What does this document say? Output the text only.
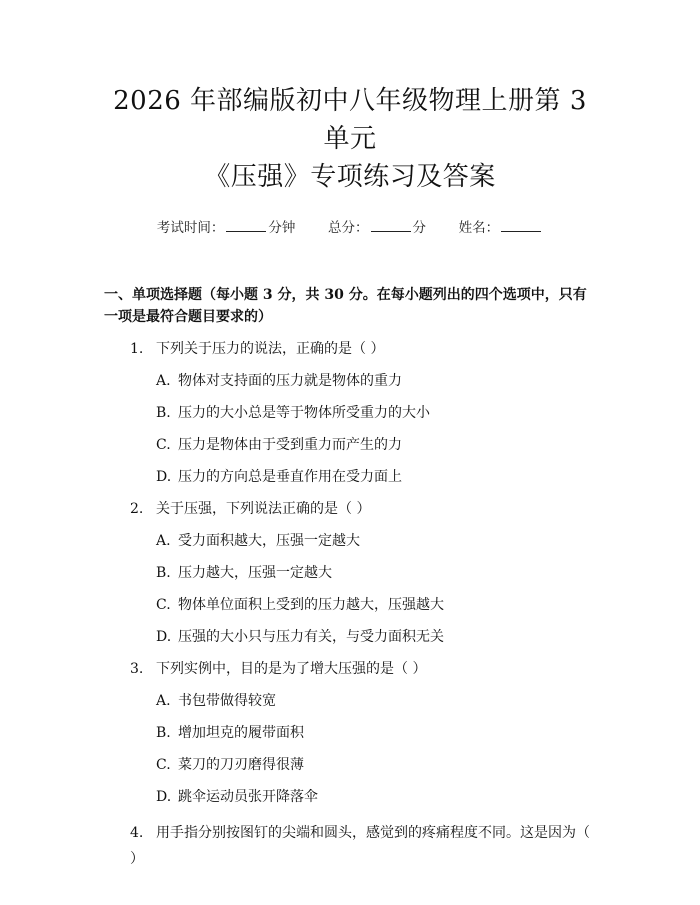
2026 年部编版初中八年级物理上册第 3 单元
《压强》专项练习及答案
考试时间：	分钟 总分：	分 姓名：
一、单项选择题（每小题 3 分，共 30 分。在每小题列出的四个选项中，只有一项是最符合题目要求的）
1. 下列关于压力的说法，正确的是（ ）
A. 物体对支持面的压力就是物体的重力
B. 压力的大小总是等于物体所受重力的大小
C. 压力是物体由于受到重力而产生的力
D. 压力的方向总是垂直作用在受力面上
2. 关于压强，下列说法正确的是（ ）
A. 受力面积越大，压强一定越大
B. 压力越大，压强一定越大
C. 物体单位面积上受到的压力越大，压强越大
D. 压强的大小只与压力有关，与受力面积无关
3. 下列实例中，目的是为了增大压强的是（ ）
A. 书包带做得较宽
B. 增加坦克的履带面积
C. 菜刀的刀刃磨得很薄
D. 跳伞运动员张开降落伞
4. 用手指分别按图钉的尖端和圆头，感觉到的疼痛程度不同。这是因为（ ）
